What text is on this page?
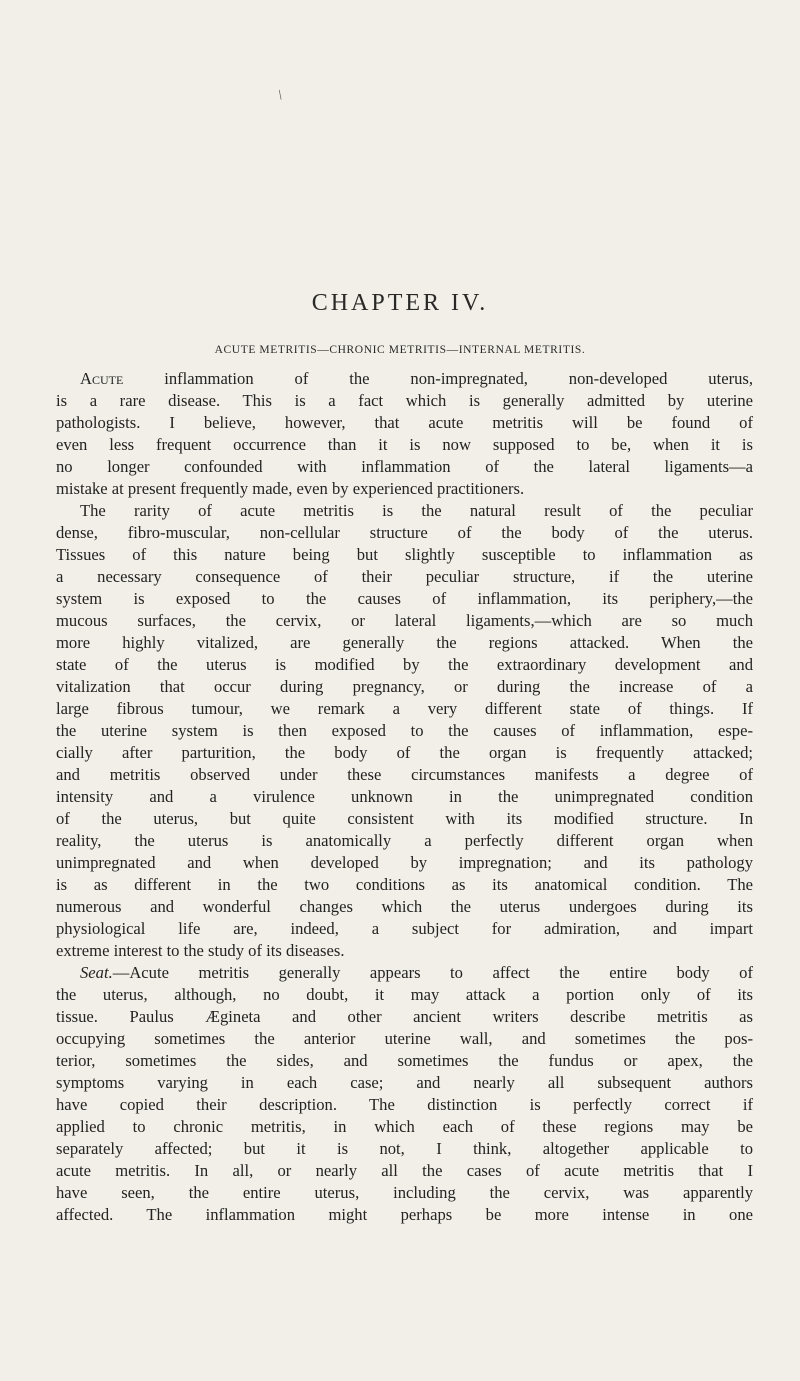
/
CHAPTER IV.
ACUTE METRITIS—CHRONIC METRITIS—INTERNAL METRITIS.
Acute inflammation of the non-impregnated, non-developed uterus,
is a rare disease. This is a fact which is generally admitted by uterine
pathologists. I believe, however, that acute metritis will be found of
even less frequent occurrence than it is now supposed to be, when it is
no longer confounded with inflammation of the lateral ligaments—a
mistake at present frequently made, even by experienced practitioners.
The rarity of acute metritis is the natural result of the peculiar
dense, fibro-muscular, non-cellular structure of the body of the uterus.
Tissues of this nature being but slightly susceptible to inflammation as
a necessary consequence of their peculiar structure, if the uterine
system is exposed to the causes of inflammation, its periphery,—the
mucous surfaces, the cervix, or lateral ligaments,—which are so much
more highly vitalized, are generally the regions attacked. When the
state of the uterus is modified by the extraordinary development and
vitalization that occur during pregnancy, or during the increase of a
large fibrous tumour, we remark a very different state of things. If
the uterine system is then exposed to the causes of inflammation, espe-
cially after parturition, the body of the organ is frequently attacked;
and metritis observed under these circumstances manifests a degree of
intensity and a virulence unknown in the unimpregnated condition
of the uterus, but quite consistent with its modified structure. In
reality, the uterus is anatomically a perfectly different organ when
unimpregnated and when developed by impregnation; and its pathology
is as different in the two conditions as its anatomical condition. The
numerous and wonderful changes which the uterus undergoes during its
physiological life are, indeed, a subject for admiration, and impart
extreme interest to the study of its diseases.
Seat.—Acute metritis generally appears to affect the entire body of
the uterus, although, no doubt, it may attack a portion only of its
tissue. Paulus Ægineta and other ancient writers describe metritis as
occupying sometimes the anterior uterine wall, and sometimes the pos-
terior, sometimes the sides, and sometimes the fundus or apex, the
symptoms varying in each case; and nearly all subsequent authors
have copied their description. The distinction is perfectly correct if
applied to chronic metritis, in which each of these regions may be
separately affected; but it is not, I think, altogether applicable to
acute metritis. In all, or nearly all the cases of acute metritis that I
have seen, the entire uterus, including the cervix, was apparently
affected. The inflammation might perhaps be more intense in one
